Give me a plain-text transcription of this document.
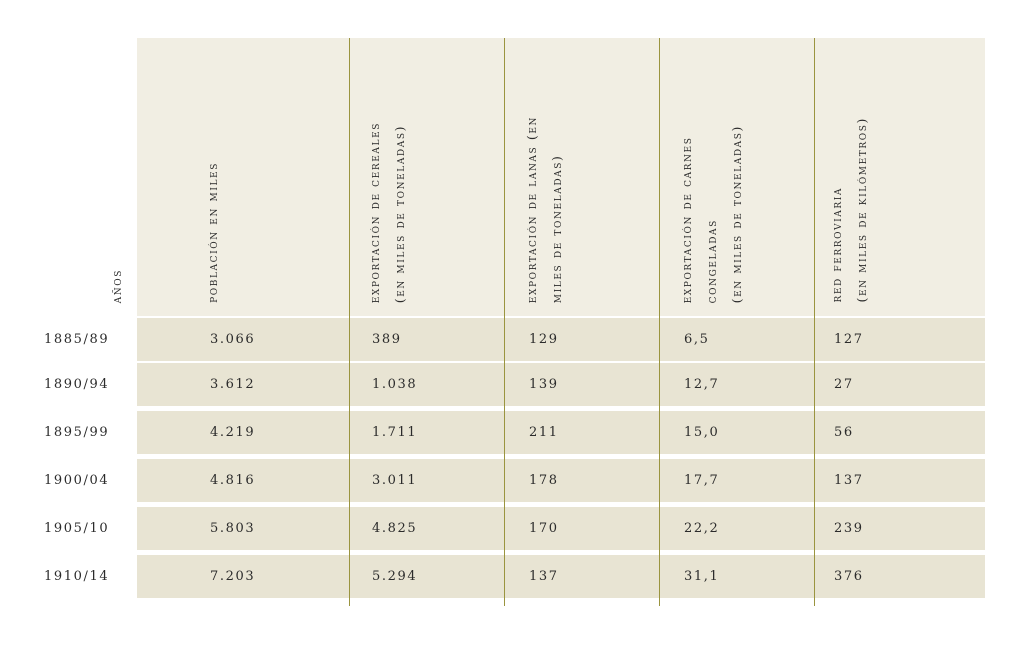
años	población en miles	exportación de cereales (en miles de toneladas)	exportación de lanas (en miles de toneladas)	exportación de carnes congeladas (en miles de toneladas)	red ferroviaria (en miles de kilómetros)
1885/89	3.066	389	129	6,5	127
1890/94	3.612	1.038	139	12,7	27
1895/99	4.219	1.711	211	15,0	56
1900/04	4.816	3.011	178	17,7	137
1905/10	5.803	4.825	170	22,2	239
1910/14	7.203	5.294	137	31,1	376
